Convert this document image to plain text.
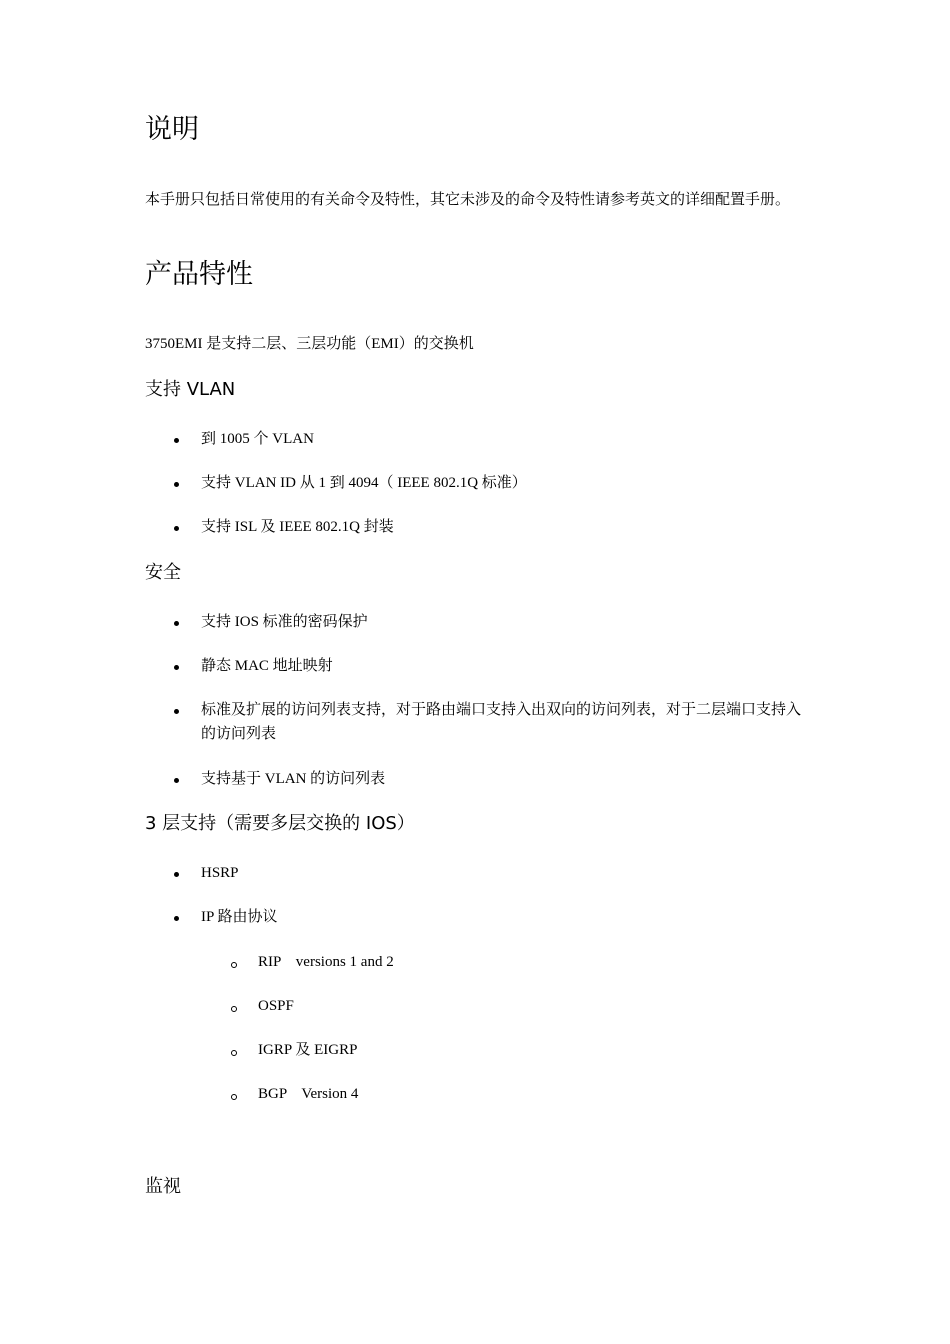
说明
本手册只包括日常使用的有关命令及特性，其它未涉及的命令及特性请参考英文的详细配置手册。
产品特性
3750EMI 是支持二层、三层功能（EMI）的交换机
支持 VLAN
到 1005 个 VLAN
支持 VLAN ID 从 1 到 4094（ IEEE 802.1Q 标准）
支持 ISL 及 IEEE 802.1Q 封装
安全
支持 IOS 标准的密码保护
静态 MAC 地址映射
标准及扩展的访问列表支持，对于路由端口支持入出双向的访问列表，对于二层端口支持入的访问列表
支持基于 VLAN 的访问列表
3 层支持（需要多层交换的 IOS）
HSRP
IP 路由协议
RIP    versions 1 and 2
OSPF
IGRP 及 EIGRP
BGP    Version 4
监视
